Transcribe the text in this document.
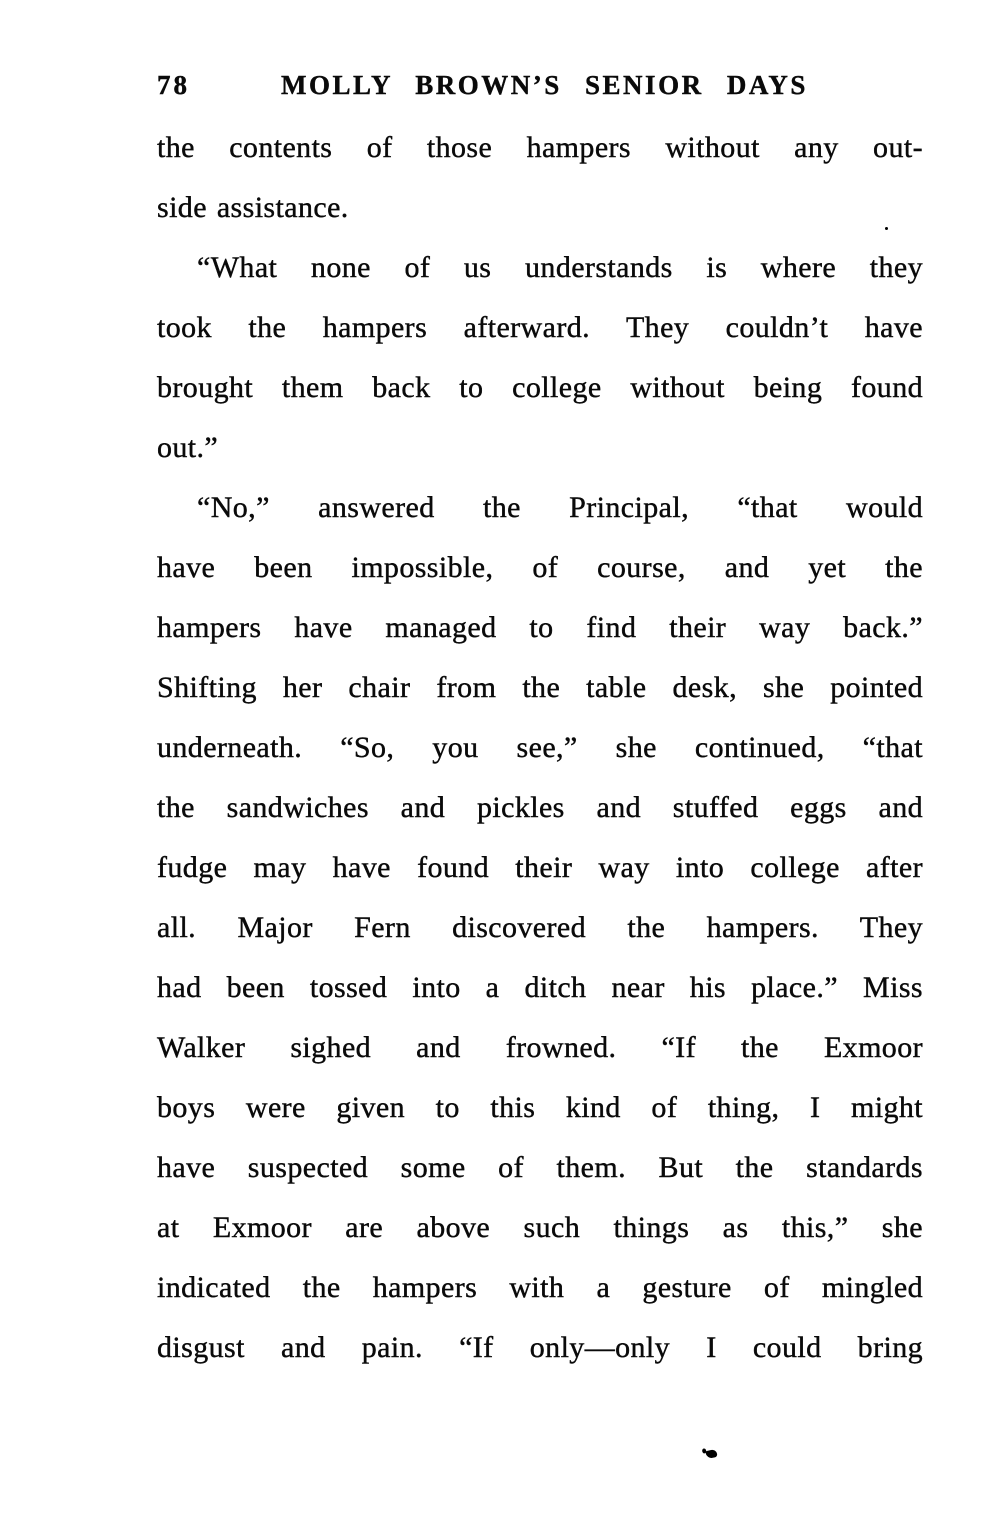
78	MOLLY BROWN’S SENIOR DAYS
the contents of those hampers without any out-
side assistance.
“What none of us understands is where they
took the hampers afterward. They couldn’t have
brought them back to college without being found
out.”
“No,” answered the Principal, “that would
have been impossible, of course, and yet the
hampers have managed to find their way back.”
Shifting her chair from the table desk, she pointed
underneath. “So, you see,” she continued, “that
the sandwiches and pickles and stuffed eggs and
fudge may have found their way into college after
all. Major Fern discovered the hampers. They
had been tossed into a ditch near his place.” Miss
Walker sighed and frowned. “If the Exmoor
boys were given to this kind of thing, I might
have suspected some of them. But the standards
at Exmoor are above such things as this,” she
indicated the hampers with a gesture of mingled
disgust and pain. “If only—only I could bring
